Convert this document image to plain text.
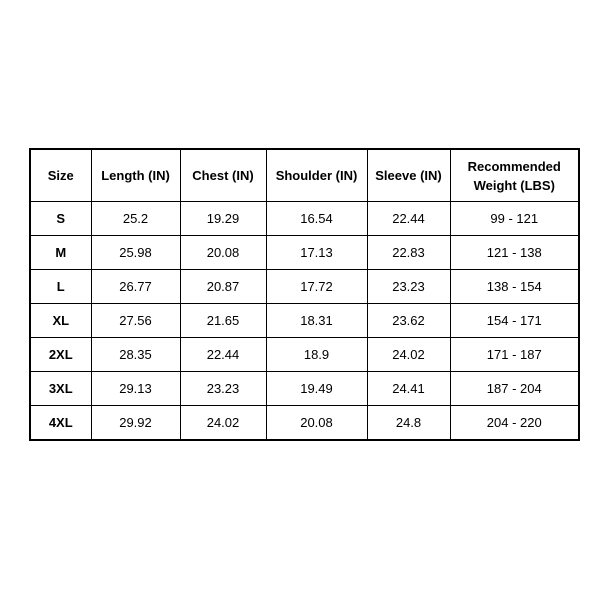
Size	Length (IN)	Chest (IN)	Shoulder (IN)	Sleeve (IN)	Recommended
Weight (LBS)

S	25.2	19.29	16.54	22.44	99 - 121
M	25.98	20.08	17.13	22.83	121 - 138
L	26.77	20.87	17.72	23.23	138 - 154
XL	27.56	21.65	18.31	23.62	154 - 171
2XL	28.35	22.44	18.9	24.02	171 - 187
3XL	29.13	23.23	19.49	24.41	187 - 204
4XL	29.92	24.02	20.08	24.8	204 - 220
